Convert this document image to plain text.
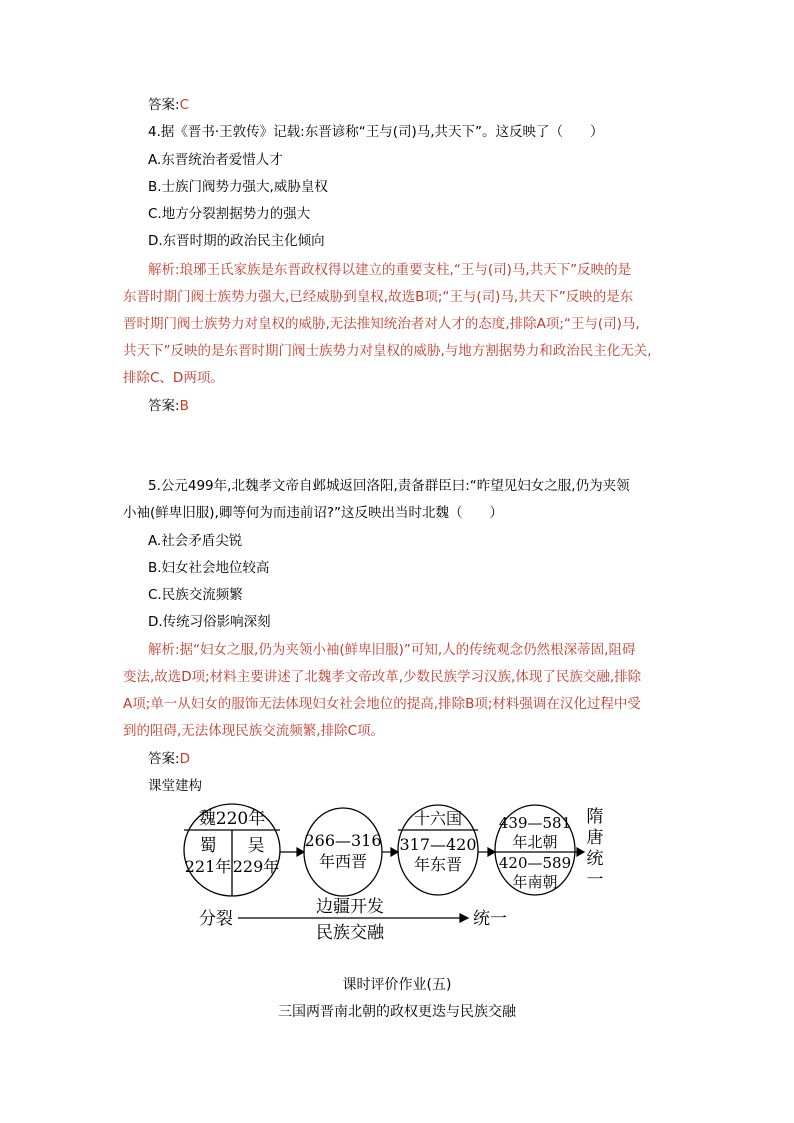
答案:C
4.据《晋书·王敦传》记载:东晋谚称“王与(司)马,共天下”。这反映了（　　）
A.东晋统治者爱惜人才
B.士族门阀势力强大,威胁皇权
C.地方分裂割据势力的强大
D.东晋时期的政治民主化倾向
解析:琅琊王氏家族是东晋政权得以建立的重要支柱,“王与(司)马,共天下”反映的是
东晋时期门阀士族势力强大,已经威胁到皇权,故选B项;“王与(司)马,共天下”反映的是东
晋时期门阀士族势力对皇权的威胁,无法推知统治者对人才的态度,排除A项;“王与(司)马,
共天下”反映的是东晋时期门阀士族势力对皇权的威胁,与地方割据势力和政治民主化无关,
排除C、D两项。
答案:B
5.公元499年,北魏孝文帝自邺城返回洛阳,责备群臣曰:“昨望见妇女之服,仍为夹领
小袖(鲜卑旧服),卿等何为而违前诏?”这反映出当时北魏（　　）
A.社会矛盾尖锐
B.妇女社会地位较高
C.民族交流频繁
D.传统习俗影响深刻
解析:据“妇女之服,仍为夹领小袖(鲜卑旧服)”可知,人的传统观念仍然根深蒂固,阻碍
变法,故选D项;材料主要讲述了北魏孝文帝改革,少数民族学习汉族,体现了民族交融,排除
A项;单一从妇女的服饰无法体现妇女社会地位的提高,排除B项;材料强调在汉化过程中受
到的阻碍,无法体现民族交流频繁,排除C项。
答案:D
课堂建构
魏220年
蜀
221年
吴
229年
266—316
年西晋
十六国
317—420
年东晋
439—581
年北朝
420—589
年南朝
隋
唐
统
一
分裂	统一
边疆开发
民族交融
课时评价作业(五)
三国两晋南北朝的政权更迭与民族交融
